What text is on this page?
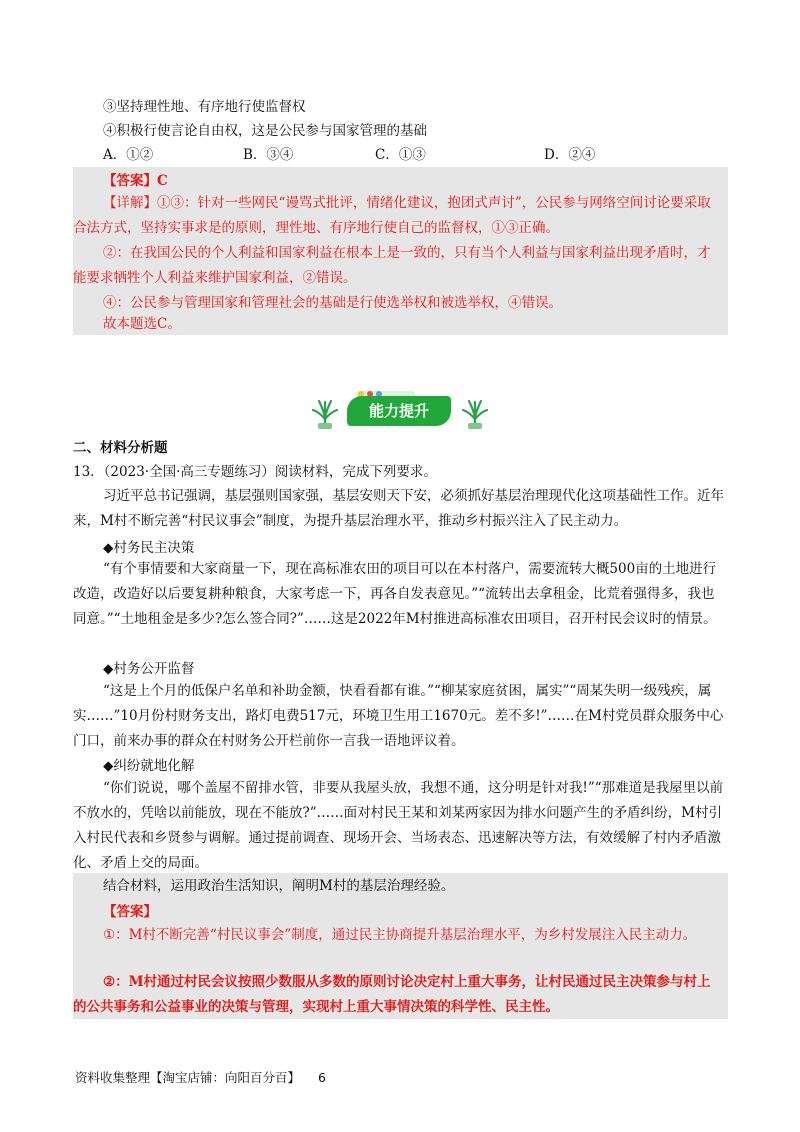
③坚持理性地、有序地行使监督权
④积极行使言论自由权，这是公民参与国家管理的基础
A．①②	B．③④	C．①③	D．②④
【答案】C
【详解】①③：针对一些网民“谩骂式批评，情绪化建议，抱团式声讨”，公民参与网络空间讨论要采取合法方式，坚持实事求是的原则，理性地、有序地行使自己的监督权，①③正确。
②：在我国公民的个人利益和国家利益在根本上是一致的，只有当个人利益与国家利益出现矛盾时，才能要求牺牲个人利益来维护国家利益，②错误。
④：公民参与管理国家和管理社会的基础是行使选举权和被选举权，④错误。
故本题选C。
能力提升
二、材料分析题
13．（2023·全国·高三专题练习）阅读材料，完成下列要求。
习近平总书记强调，基层强则国家强，基层安则天下安，必须抓好基层治理现代化这项基础性工作。近年来，M村不断完善“村民议事会”制度，为提升基层治理水平，推动乡村振兴注入了民主动力。
◆村务民主决策
“有个事情要和大家商量一下，现在高标准农田的项目可以在本村落户，需要流转大概500亩的土地进行改造，改造好以后要复耕种粮食，大家考虑一下，再各自发表意见。”“流转出去拿租金，比荒着强得多，我也同意。”“土地租金是多少?怎么签合同?”……这是2022年M村推进高标准农田项目，召开村民会议时的情景。
◆村务公开监督
“这是上个月的低保户名单和补助金额，快看看都有谁。”“柳某家庭贫困，属实”“周某失明一级残疾，属实……”10月份村财务支出，路灯电费517元，环境卫生用工1670元。差不多!”……在M村党员群众服务中心门口，前来办事的群众在村财务公开栏前你一言我一语地评议着。
◆纠纷就地化解
“你们说说，哪个盖屋不留排水管，非要从我屋头放，我想不通，这分明是针对我!”“那难道是我屋里以前不放水的，凭啥以前能放，现在不能放?”……面对村民王某和刘某两家因为排水问题产生的矛盾纠纷，M村引入村民代表和乡贤参与调解。通过提前调查、现场开会、当场表态、迅速解决等方法，有效缓解了村内矛盾激化、矛盾上交的局面。
结合材料，运用政治生活知识，阐明M村的基层治理经验。
【答案】
①：M村不断完善“村民议事会”制度，通过民主协商提升基层治理水平，为乡村发展注入民主动力。
②：M村通过村民会议按照少数服从多数的原则讨论决定村上重大事务，让村民通过民主决策参与村上的公共事务和公益事业的决策与管理，实现村上重大事情决策的科学性、民主性。
资料收集整理【淘宝店铺：向阳百分百】 6
